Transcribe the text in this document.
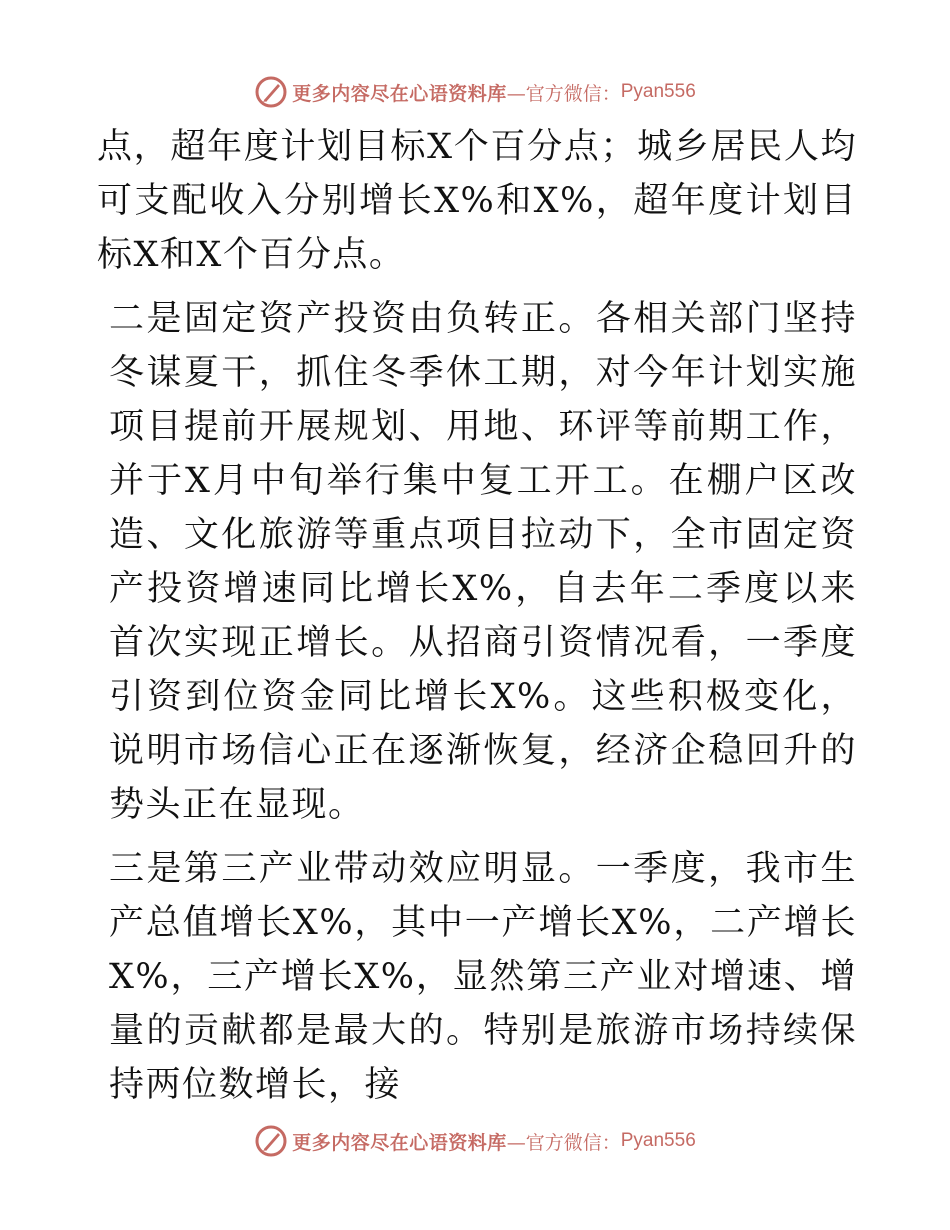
更多内容尽在心语资料库 —官方微信： Pyan556

点，超年度计划目标X个百分点；城乡居民人均可支配收入分别增长X%和X%，超年度计划目标X和X个百分点。

二是固定资产投资由负转正。各相关部门坚持冬谋夏干，抓住冬季休工期，对今年计划实施项目提前开展规划、用地、环评等前期工作，并于X月中旬举行集中复工开工。在棚户区改造、文化旅游等重点项目拉动下，全市固定资产投资增速同比增长X%，自去年二季度以来首次实现正增长。从招商引资情况看，一季度引资到位资金同比增长X%。这些积极变化，说明市场信心正在逐渐恢复，经济企稳回升的势头正在显现。

三是第三产业带动效应明显。一季度，我市生产总值增长X%，其中一产增长X%，二产增长X%，三产增长X%，显然第三产业对增速、增量的贡献都是最大的。特别是旅游市场持续保持两位数增长，接

更多内容尽在心语资料库 —官方微信： Pyan556
